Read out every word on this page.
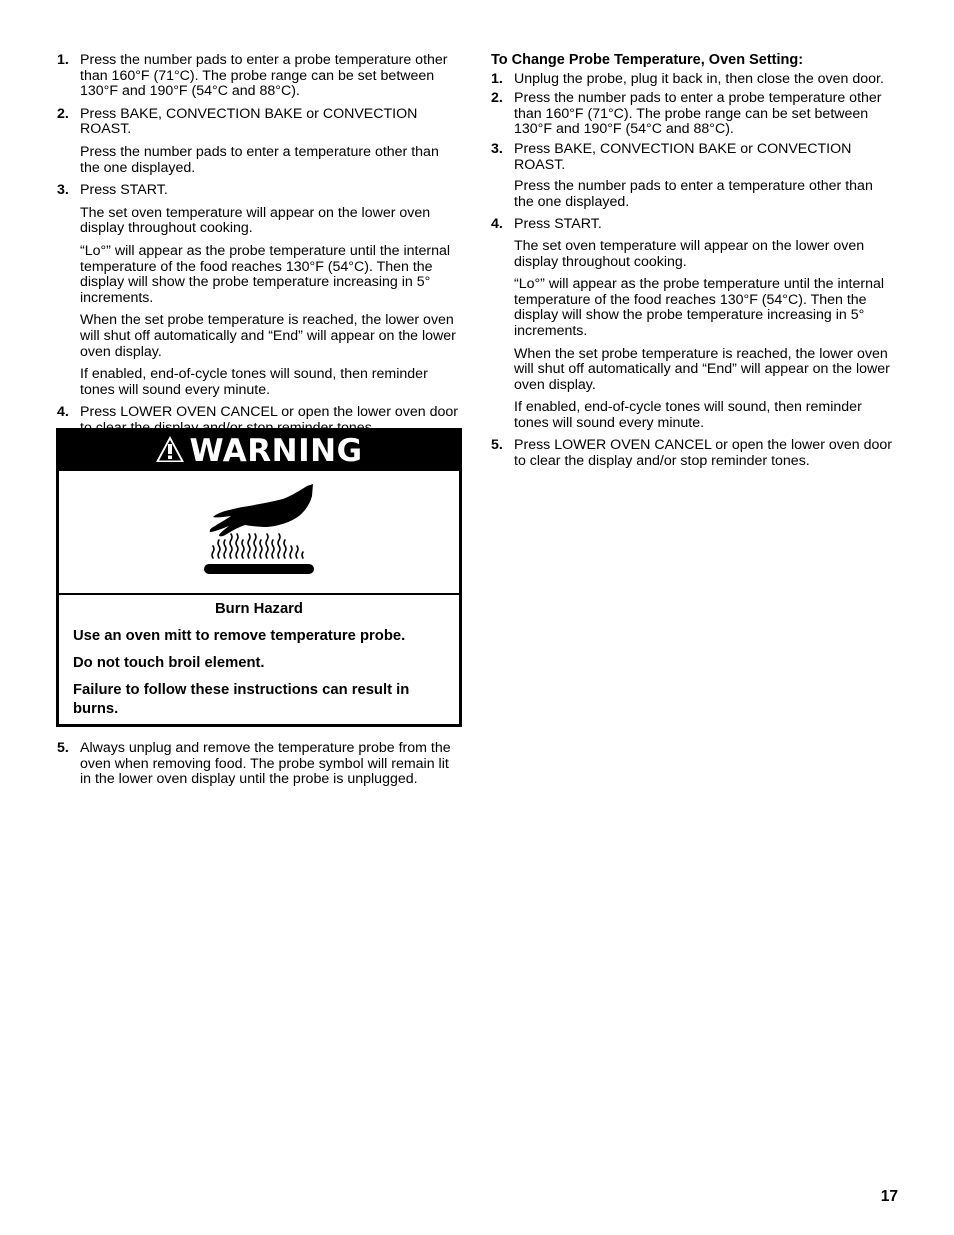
1. Press the number pads to enter a probe temperature other than 160°F (71°C). The probe range can be set between 130°F and 190°F (54°C and 88°C).

2. Press BAKE, CONVECTION BAKE or CONVECTION ROAST.

Press the number pads to enter a temperature other than the one displayed.

3. Press START.

The set oven temperature will appear on the lower oven display throughout cooking.

“Lo°” will appear as the probe temperature until the internal temperature of the food reaches 130°F (54°C). Then the display will show the probe temperature increasing in 5° increments.

When the set probe temperature is reached, the lower oven will shut off automatically and “End” will appear on the lower oven display.

If enabled, end-of-cycle tones will sound, then reminder tones will sound every minute.

4. Press LOWER OVEN CANCEL or open the lower oven door

WARNING

Burn Hazard

Use an oven mitt to remove temperature probe.

Do not touch broil element.

Failure to follow these instructions can result in burns.

5. Always unplug and remove the temperature probe from the oven when removing food. The probe symbol will remain lit in the lower oven display until the probe is unplugged.

To Change Probe Temperature, Oven Setting:

1. Unplug the probe, plug it back in, then close the oven door.

2. Press the number pads to enter a probe temperature other than 160°F (71°C). The probe range can be set between 130°F and 190°F (54°C and 88°C).

3. Press BAKE, CONVECTION BAKE or CONVECTION ROAST.

Press the number pads to enter a temperature other than the one displayed.

4. Press START.

The set oven temperature will appear on the lower oven display throughout cooking.

“Lo°” will appear as the probe temperature until the internal temperature of the food reaches 130°F (54°C). Then the display will show the probe temperature increasing in 5° increments.

When the set probe temperature is reached, the lower oven will shut off automatically and “End” will appear on the lower oven display.

If enabled, end-of-cycle tones will sound, then reminder tones will sound every minute.

5. Press LOWER OVEN CANCEL or open the lower oven door to clear the display and/or stop reminder tones.

17
